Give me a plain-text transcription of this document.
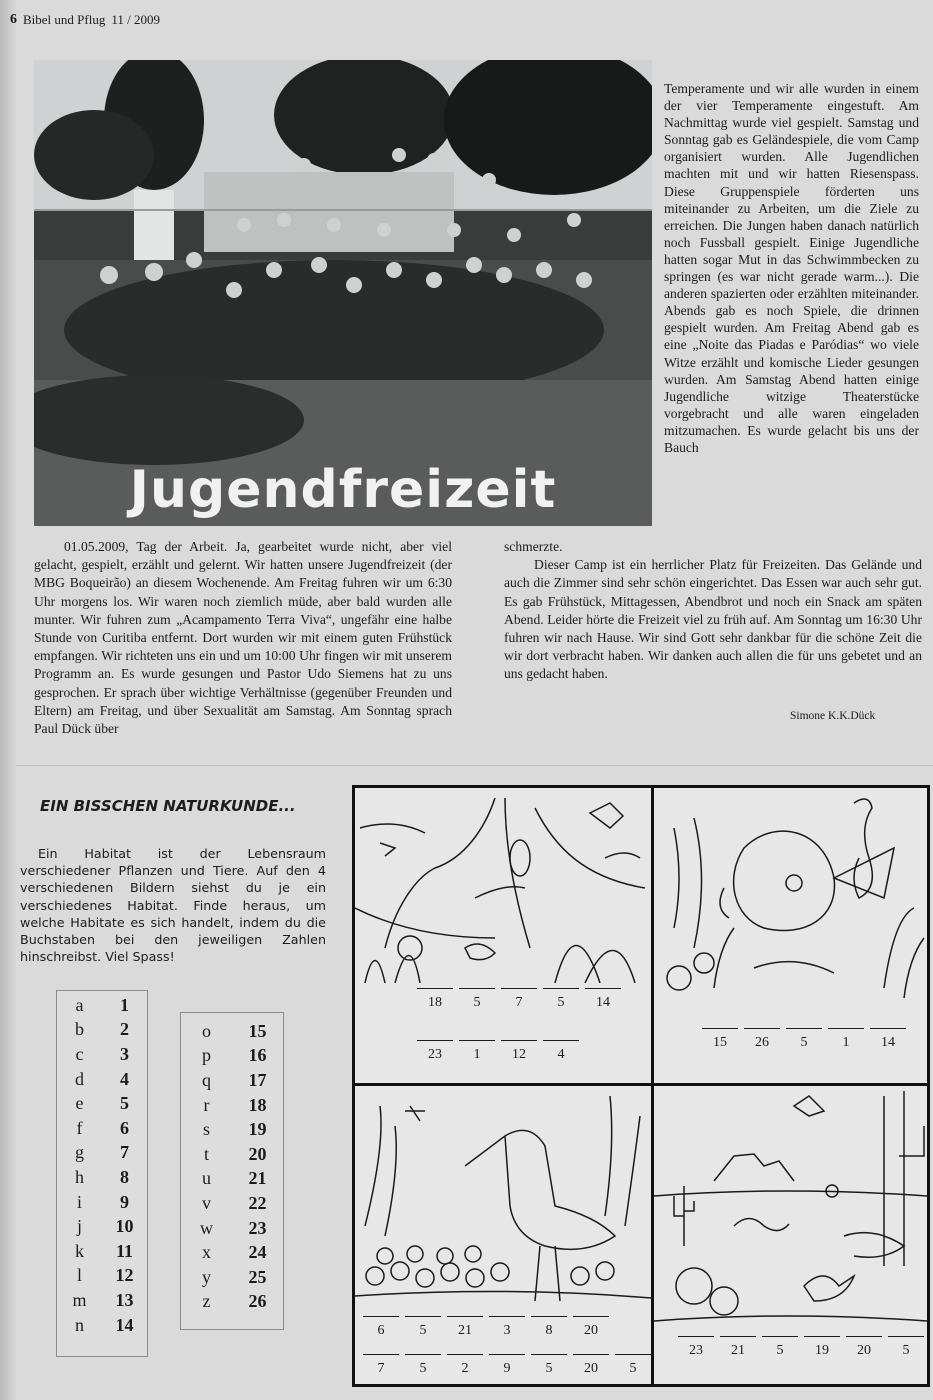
6 Bibel und Pflug 11 / 2009
Jugendfreizeit

Temperamente und wir alle wurden in einem der vier Temperamente eingestuft. Am Nachmittag wurde viel gespielt. Samstag und Sonntag gab es Geländespiele, die vom Camp organisiert wurden. Alle Jugendlichen machten mit und wir hatten Riesenspass. Diese Gruppenspiele förderten uns miteinander zu Arbeiten, um die Ziele zu erreichen. Die Jungen haben danach natürlich noch Fussball gespielt. Einige Jugendliche hatten sogar Mut in das Schwimmbecken zu springen (es war nicht gerade warm...). Die anderen spazierten oder erzählten miteinander. Abends gab es noch Spiele, die drinnen gespielt wurden. Am Freitag Abend gab es eine „Noite das Piadas e Paródias“ wo viele Witze erzählt und komische Lieder gesungen wurden. Am Samstag Abend hatten einige Jugendliche witzige Theaterstücke vorgebracht und alle waren eingeladen mitzumachen. Es wurde gelacht bis uns der Bauch

01.05.2009, Tag der Arbeit. Ja, gearbeitet wurde nicht, aber viel gelacht, gespielt, erzählt und gelernt. Wir hatten unsere Jugendfreizeit (der MBG Boqueirão) an diesem Wochenende. Am Freitag fuhren wir um 6:30 Uhr morgens los. Wir waren noch ziemlich müde, aber bald wurden alle munter. Wir fuhren zum „Acampamento Terra Viva“, ungefähr eine halbe Stunde von Curitiba entfernt. Dort wurden wir mit einem guten Frühstück empfangen. Wir richteten uns ein und um 10:00 Uhr fingen wir mit unserem Programm an. Es wurde gesungen und Pastor Udo Siemens hat zu uns gesprochen. Er sprach über wichtige Verhältnisse (gegenüber Freunden und Eltern) am Freitag, und über Sexualität am Samstag. Am Sonntag sprach Paul Dück über

schmerzte.

Dieser Camp ist ein herrlicher Platz für Freizeiten. Das Gelände und auch die Zimmer sind sehr schön eingerichtet. Das Essen war auch sehr gut. Es gab Frühstück, Mittagessen, Abendbrot und noch ein Snack am späten Abend. Leider hörte die Freizeit viel zu früh auf. Am Sonntag um 16:30 Uhr fuhren wir nach Hause. Wir sind Gott sehr dankbar für die schöne Zeit die wir dort verbracht haben. Wir danken auch allen die für uns gebetet und an uns gedacht haben.

Simone K.K.Dück
EIN BISSCHEN NATURKUNDE...

Ein Habitat ist der Lebensraum verschiedener Pflanzen und Tiere. Auf den 4 verschiedenen Bildern siehst du je ein verschiedenes Habitat. Finde heraus, um welche Habitate es sich handelt, indem du die Buchstaben bei den jeweiligen Zahlen hinschreibst. Viel Spass!

a	1
b	2
c	3
d	4
e	5
f	6
g	7
h	8
i	9
j	10
k	11
l	12
m	13
n	14
o	15
p	16
q	17
r	18
s	19
t	20
u	21
v	22
w	23
x	24
y	25
z	26
18	5	7	5	14
23	1	12	4
15	26	5	1	14
6	5	21	3	8	20
7	5	2	9	5	20	5
23	21	5	19	20	5
